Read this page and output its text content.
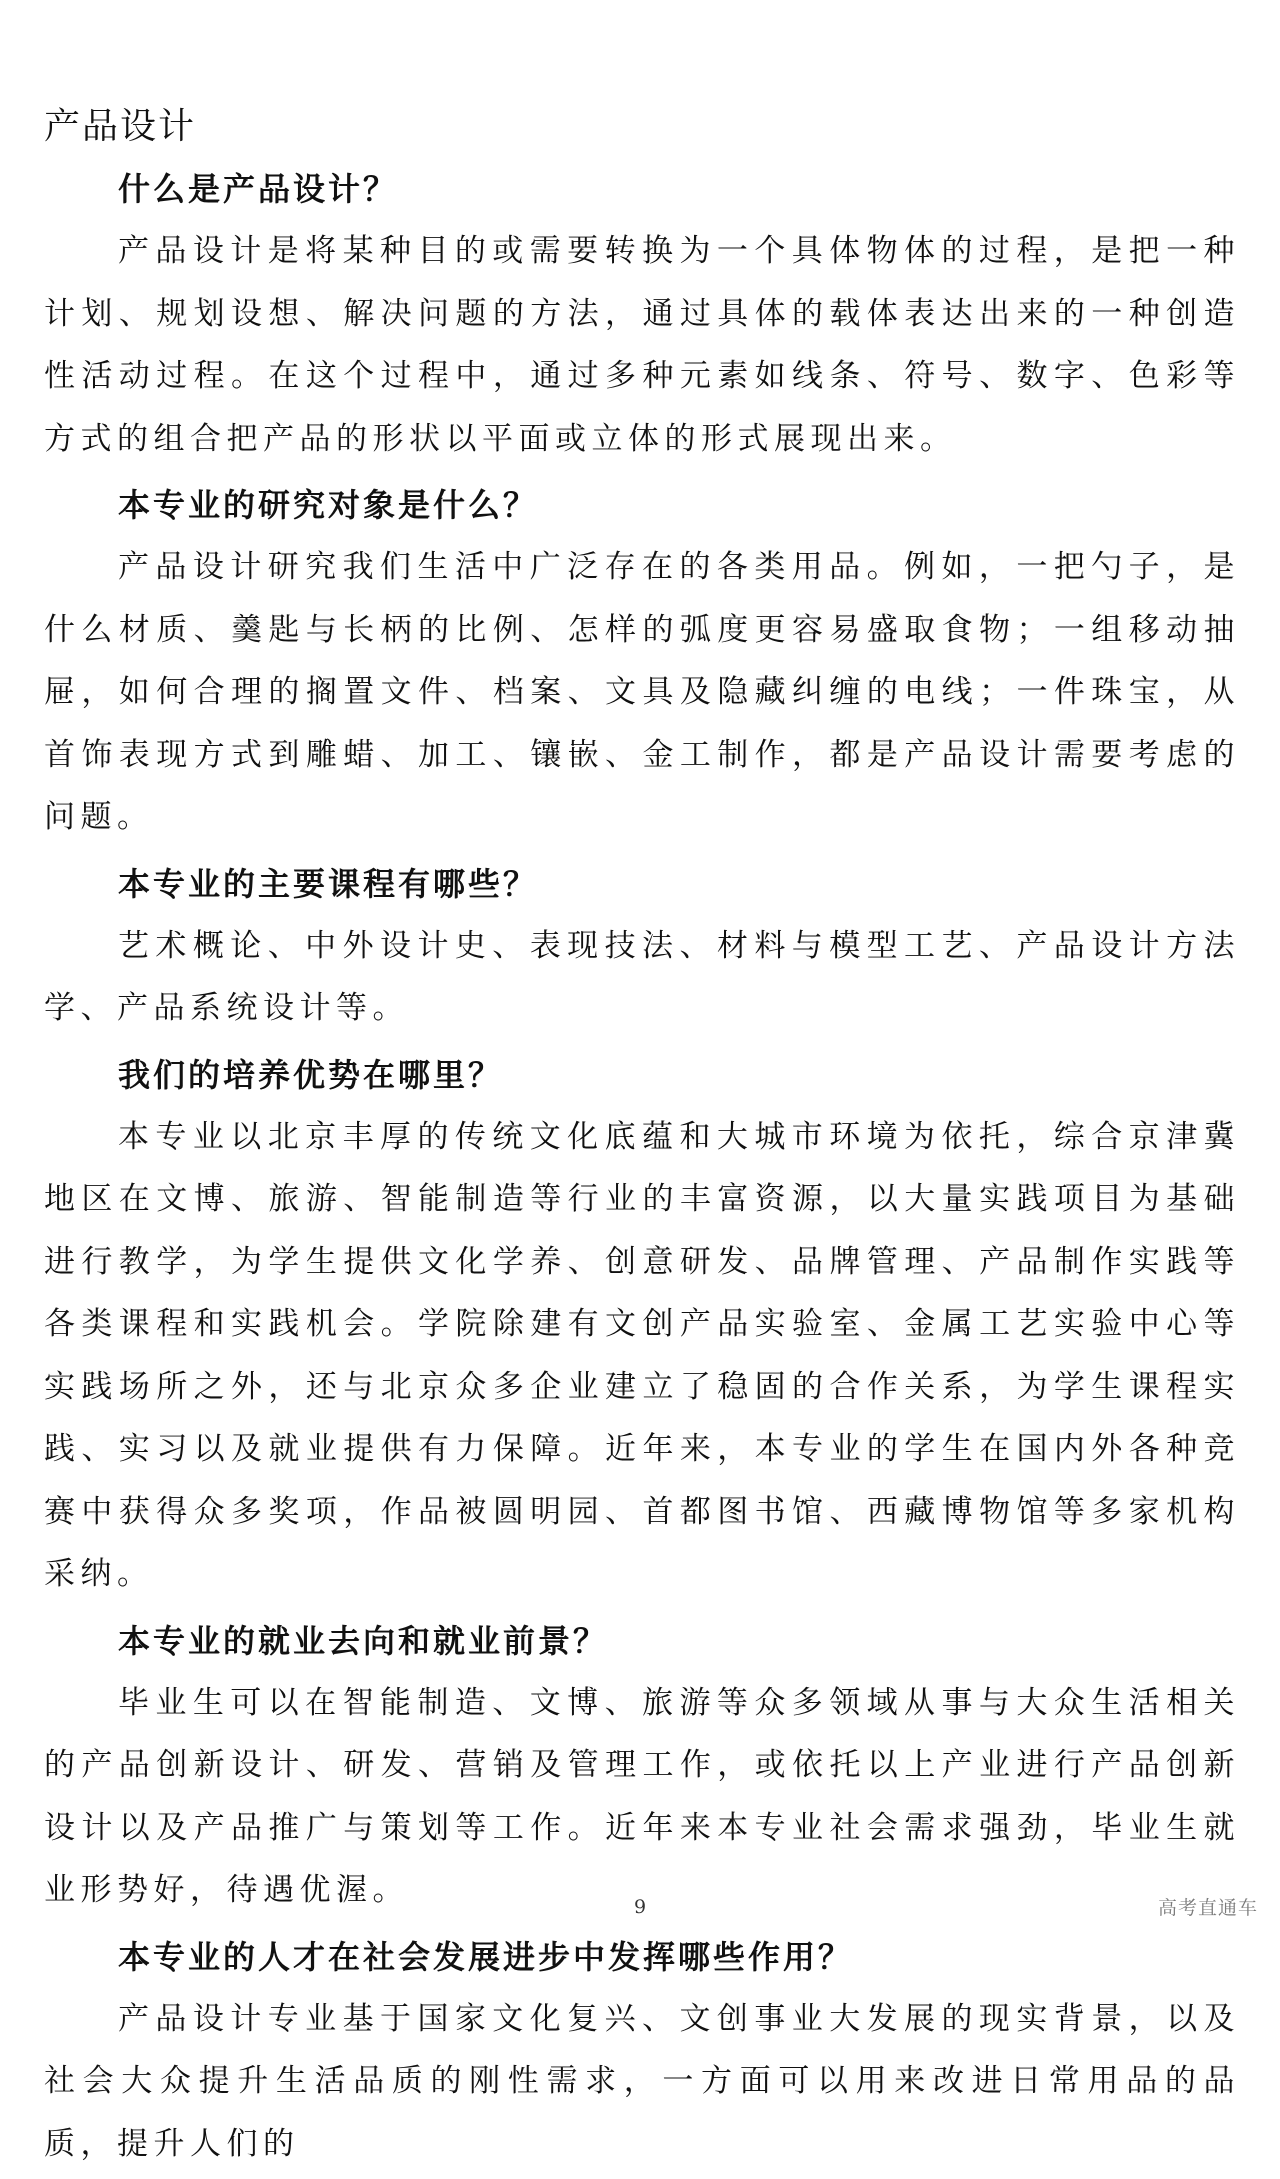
产品设计
什么是产品设计？

产品设计是将某种目的或需要转换为一个具体物体的过程，是把一种计划、规划设想、解决问题的方法，通过具体的载体表达出来的一种创造性活动过程。在这个过程中，通过多种元素如线条、符号、数字、色彩等方式的组合把产品的形状以平面或立体的形式展现出来。

本专业的研究对象是什么？

产品设计研究我们生活中广泛存在的各类用品。例如，一把勺子，是什么材质、羹匙与长柄的比例、怎样的弧度更容易盛取食物；一组移动抽屉，如何合理的搁置文件、档案、文具及隐藏纠缠的电线；一件珠宝，从首饰表现方式到雕蜡、加工、镶嵌、金工制作，都是产品设计需要考虑的问题。

本专业的主要课程有哪些？

艺术概论、中外设计史、表现技法、材料与模型工艺、产品设计方法学、产品系统设计等。

我们的培养优势在哪里？

本专业以北京丰厚的传统文化底蕴和大城市环境为依托，综合京津冀地区在文博、旅游、智能制造等行业的丰富资源，以大量实践项目为基础进行教学，为学生提供文化学养、创意研发、品牌管理、产品制作实践等各类课程和实践机会。学院除建有文创产品实验室、金属工艺实验中心等实践场所之外，还与北京众多企业建立了稳固的合作关系，为学生课程实践、实习以及就业提供有力保障。近年来，本专业的学生在国内外各种竞赛中获得众多奖项，作品被圆明园、首都图书馆、西藏博物馆等多家机构采纳。

本专业的就业去向和就业前景？

毕业生可以在智能制造、文博、旅游等众多领域从事与大众生活相关的产品创新设计、研发、营销及管理工作，或依托以上产业进行产品创新设计以及产品推广与策划等工作。近年来本专业社会需求强劲，毕业生就业形势好，待遇优渥。

本专业的人才在社会发展进步中发挥哪些作用？

产品设计专业基于国家文化复兴、文创事业大发展的现实背景，以及社会大众提升生活品质的刚性需求，一方面可以用来改进日常用品的品质，提升人们的

9	高考直通车
